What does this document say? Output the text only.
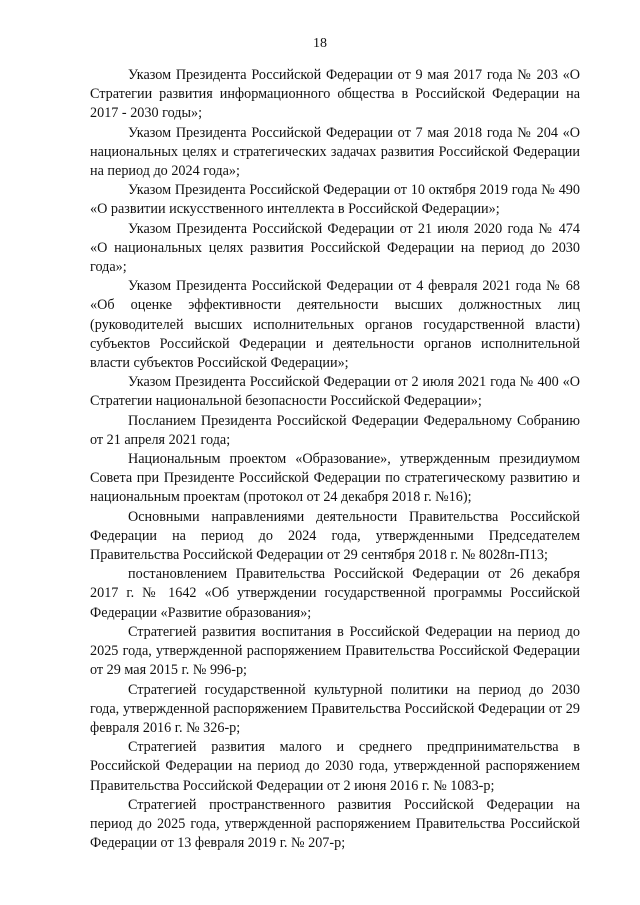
18

Указом Президента Российской Федерации от 9 мая 2017 года № 203 «О Стратегии развития информационного общества в Российской Федерации на 2017 - 2030 годы»;

Указом Президента Российской Федерации от 7 мая 2018 года № 204 «О национальных целях и стратегических задачах развития Российской Федерации на период до 2024 года»;

Указом Президента Российской Федерации от 10 октября 2019 года № 490 «О развитии искусственного интеллекта в Российской Федерации»;

Указом Президента Российской Федерации от 21 июля 2020 года № 474 «О национальных целях развития Российской Федерации на период до 2030 года»;

Указом Президента Российской Федерации от 4 февраля 2021 года № 68 «Об оценке эффективности деятельности высших должностных лиц (руководителей высших исполнительных органов государственной власти) субъектов Российской Федерации и деятельности органов исполнительной власти субъектов Российской Федерации»;

Указом Президента Российской Федерации от 2 июля 2021 года № 400 «О Стратегии национальной безопасности Российской Федерации»;

Посланием Президента Российской Федерации Федеральному Собранию от 21 апреля 2021 года;

Национальным проектом «Образование», утвержденным президиумом Совета при Президенте Российской Федерации по стратегическому развитию и национальным проектам (протокол от 24 декабря 2018 г. №16);

Основными направлениями деятельности Правительства Российской Федерации на период до 2024 года, утвержденными Председателем Правительства Российской Федерации от 29 сентября 2018 г. № 8028п-П13;

постановлением Правительства Российской Федерации от 26 декабря 2017 г. № 1642 «Об утверждении государственной программы Российской Федерации «Развитие образования»;

Стратегией развития воспитания в Российской Федерации на период до 2025 года, утвержденной распоряжением Правительства Российской Федерации от 29 мая 2015 г. № 996-р;

Стратегией государственной культурной политики на период до 2030 года, утвержденной распоряжением Правительства Российской Федерации от 29 февраля 2016 г. № 326-р;

Стратегией развития малого и среднего предпринимательства в Российской Федерации на период до 2030 года, утвержденной распоряжением Правительства Российской Федерации от 2 июня 2016 г. № 1083-р;

Стратегией пространственного развития Российской Федерации на период до 2025 года, утвержденной распоряжением Правительства Российской Федерации от 13 февраля 2019 г. № 207-р;
